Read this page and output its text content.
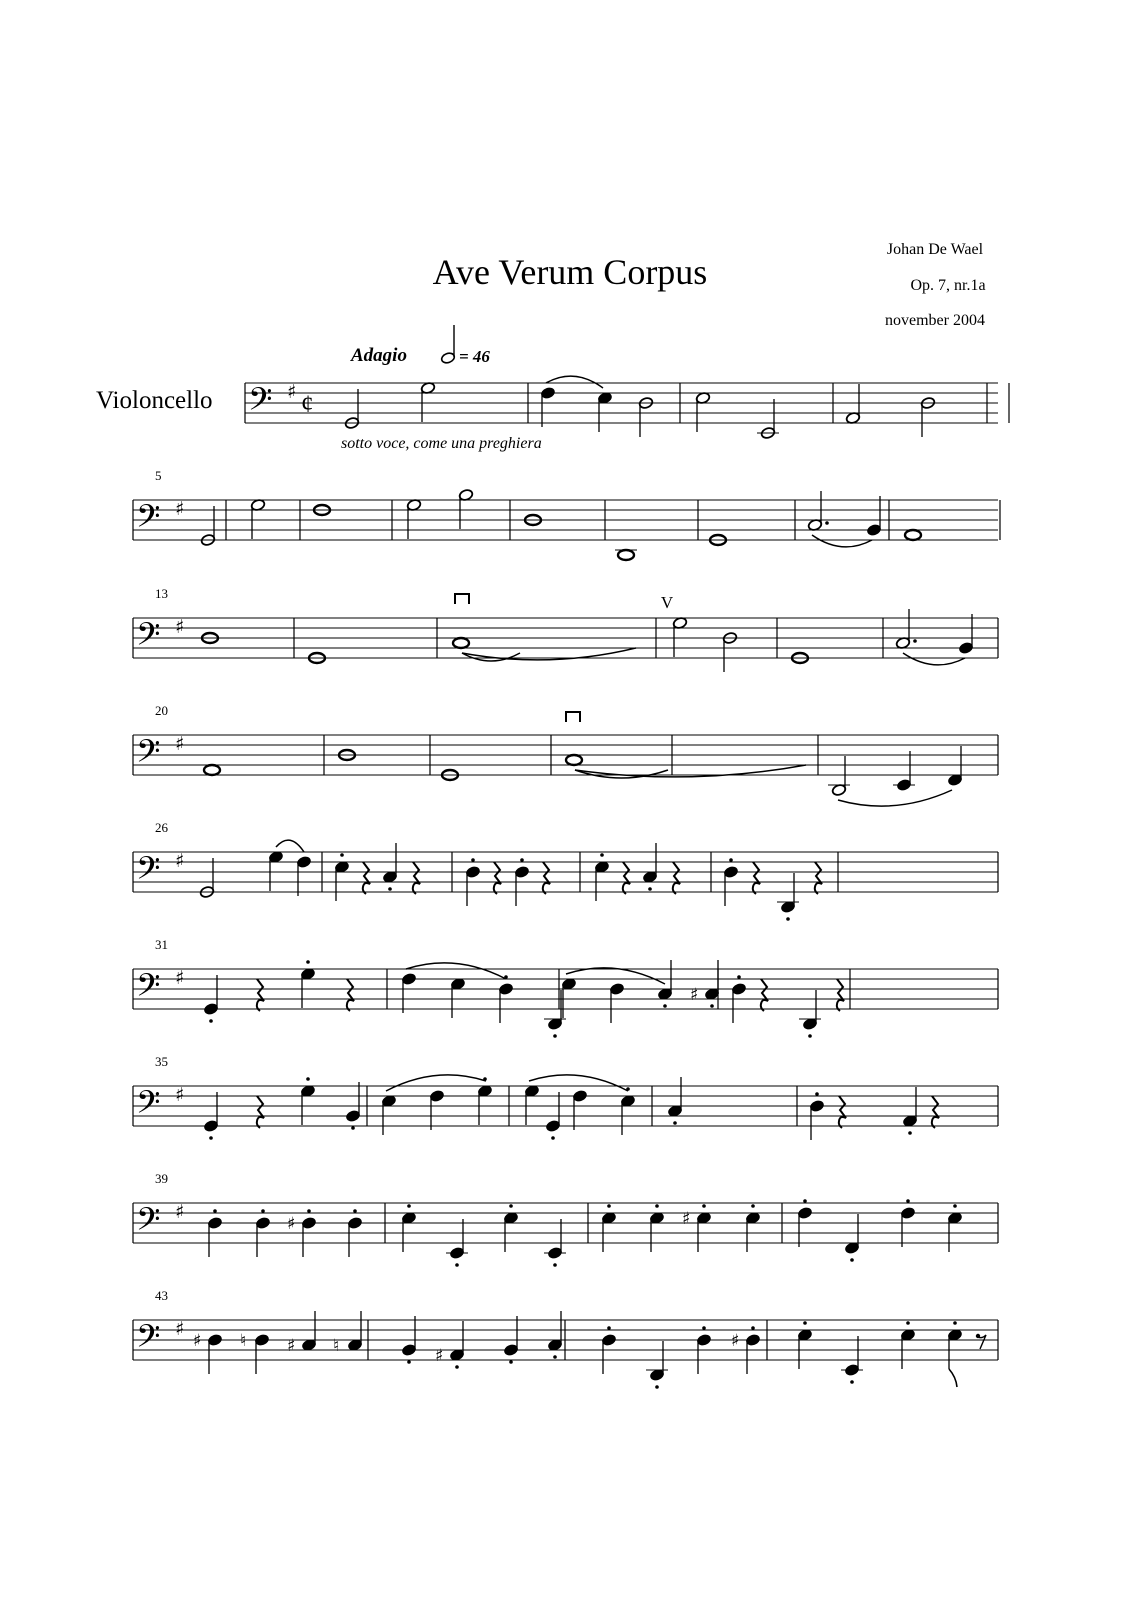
Ave Verum Corpus
Johan De Wael
Op. 7, nr.1a
november 2004
Adagio	= 46
Violoncello
sotto voce, come una preghiera
𝄢 ♯ ¢
𝄢 ♯
5
𝄢 ♯
13
𝄢 ♯
20
𝄢 ♯
26
𝄢 ♯
31
𝄢 ♯
35
𝄢 ♯
39
𝄢 ♯
43
♯
♯	♯
♯ ♮ ♯ ♮	♯
♯
V
